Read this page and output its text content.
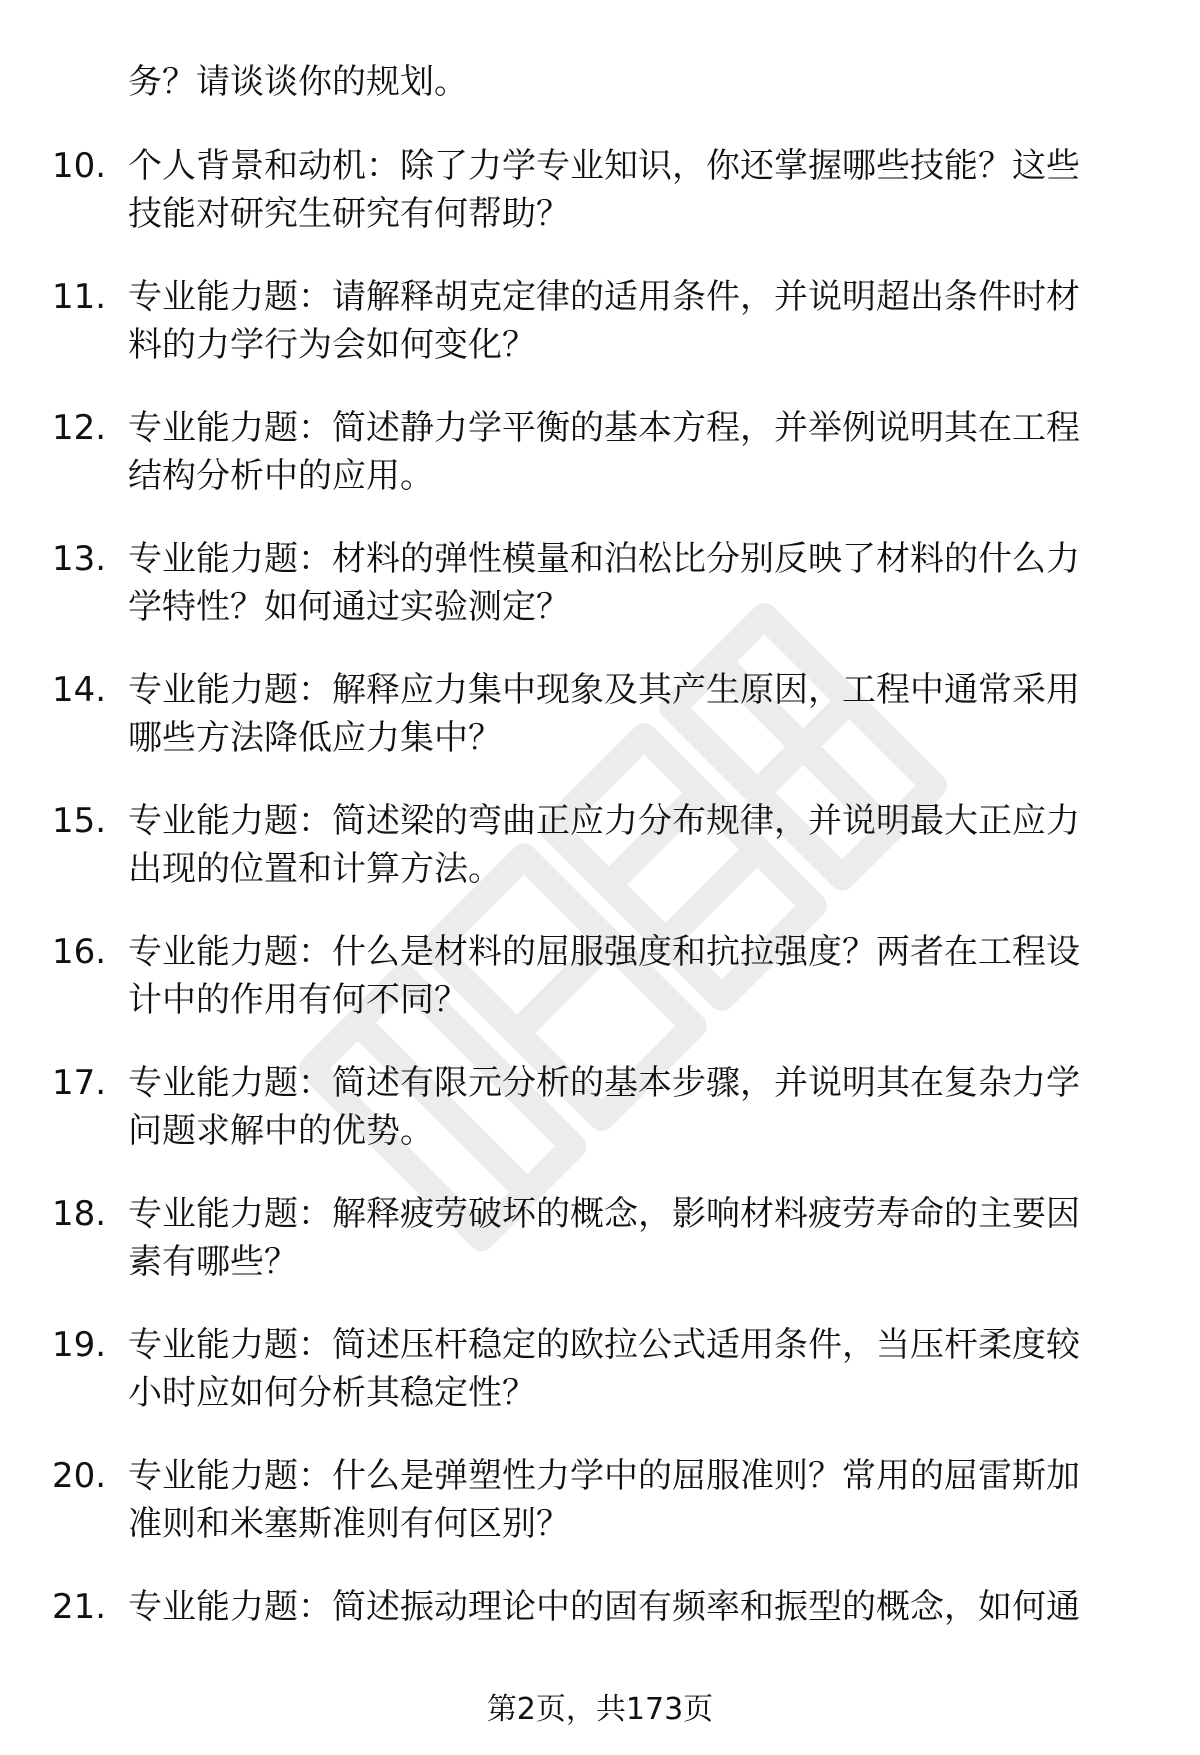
务？请谈谈你的规划。
10. 个人背景和动机：除了力学专业知识，你还掌握哪些技能？这些
技能对研究生研究有何帮助？
11. 专业能力题：请解释胡克定律的适用条件，并说明超出条件时材
料的力学行为会如何变化？
12. 专业能力题：简述静力学平衡的基本方程，并举例说明其在工程
结构分析中的应用。
13. 专业能力题：材料的弹性模量和泊松比分别反映了材料的什么力
学特性？如何通过实验测定？
14. 专业能力题：解释应力集中现象及其产生原因，工程中通常采用
哪些方法降低应力集中？
15. 专业能力题：简述梁的弯曲正应力分布规律，并说明最大正应力
出现的位置和计算方法。
16. 专业能力题：什么是材料的屈服强度和抗拉强度？两者在工程设
计中的作用有何不同？
17. 专业能力题：简述有限元分析的基本步骤，并说明其在复杂力学
问题求解中的优势。
18. 专业能力题：解释疲劳破坏的概念，影响材料疲劳寿命的主要因
素有哪些？
19. 专业能力题：简述压杆稳定的欧拉公式适用条件，当压杆柔度较
小时应如何分析其稳定性？
20. 专业能力题：什么是弹塑性力学中的屈服准则？常用的屈雷斯加
准则和米塞斯准则有何区别？
21. 专业能力题：简述振动理论中的固有频率和振型的概念，如何通
第2页，共173页
